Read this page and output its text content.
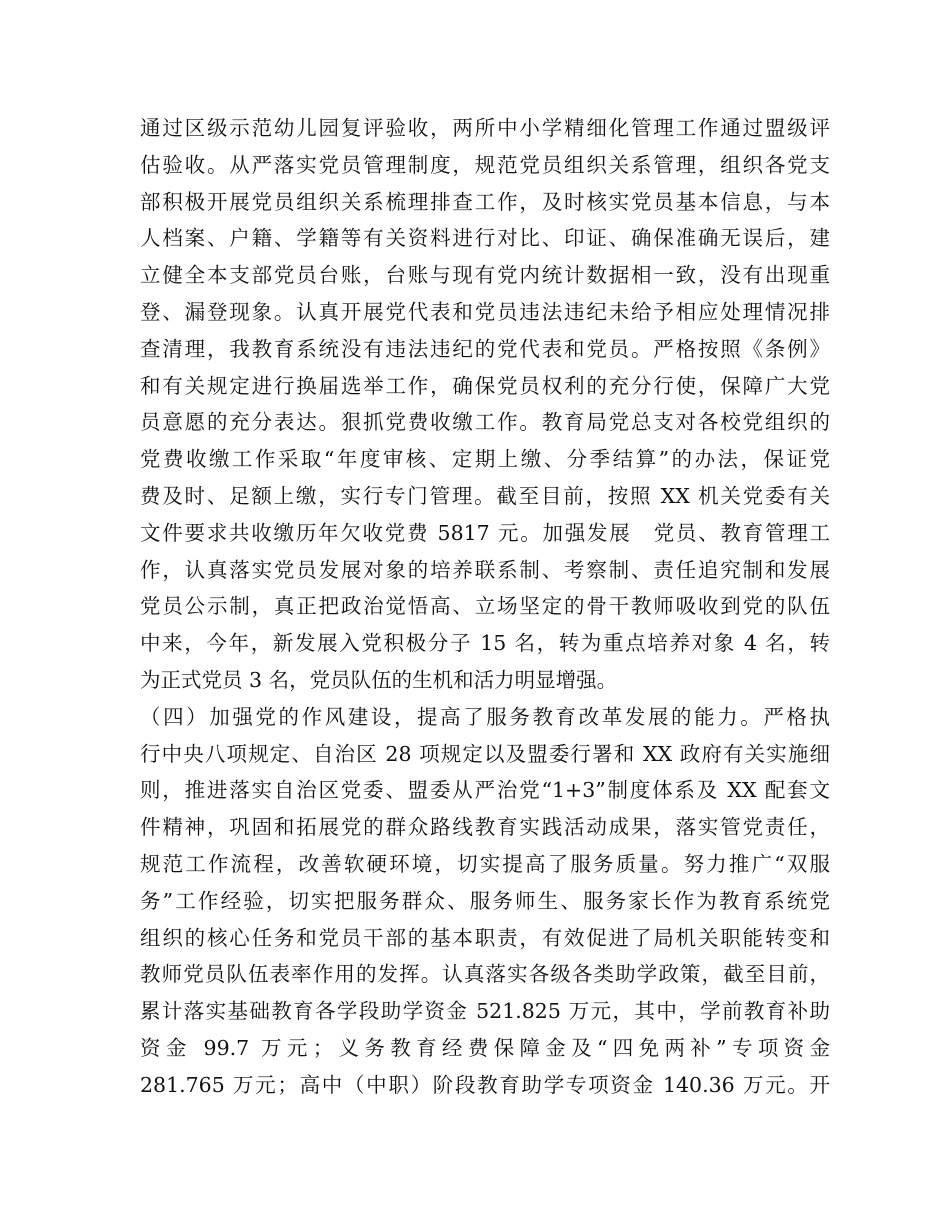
通过区级示范幼儿园复评验收，两所中小学精细化管理工作通过盟级评
估验收。从严落实党员管理制度，规范党员组织关系管理，组织各党支
部积极开展党员组织关系梳理排查工作，及时核实党员基本信息，与本
人档案、户籍、学籍等有关资料进行对比、印证、确保准确无误后，建
立健全本支部党员台账，台账与现有党内统计数据相一致，没有出现重
登、漏登现象。认真开展党代表和党员违法违纪未给予相应处理情况排
查清理，我教育系统没有违法违纪的党代表和党员。严格按照《条例》
和有关规定进行换届选举工作，确保党员权利的充分行使，保障广大党
员意愿的充分表达。狠抓党费收缴工作。教育局党总支对各校党组织的
党费收缴工作采取“年度审核、定期上缴、分季结算”的办法，保证党
费及时、足额上缴，实行专门管理。截至目前，按照 XX 机关党委有关
文件要求共收缴历年欠收党费 5817 元。加强发展　党员、教育管理工
作，认真落实党员发展对象的培养联系制、考察制、责任追究制和发展
党员公示制，真正把政治觉悟高、立场坚定的骨干教师吸收到党的队伍
中来，今年，新发展入党积极分子 15 名，转为重点培养对象 4 名，转
为正式党员 3 名，党员队伍的生机和活力明显增强。
（四）加强党的作风建设，提高了服务教育改革发展的能力。严格执
行中央八项规定、自治区 28 项规定以及盟委行署和 XX 政府有关实施细
则，推进落实自治区党委、盟委从严治党“1+3”制度体系及 XX 配套文
件精神，巩固和拓展党的群众路线教育实践活动成果，落实管党责任，
规范工作流程，改善软硬环境，切实提高了服务质量。努力推广“双服
务”工作经验，切实把服务群众、服务师生、服务家长作为教育系统党
组织的核心任务和党员干部的基本职责，有效促进了局机关职能转变和
教师党员队伍表率作用的发挥。认真落实各级各类助学政策，截至目前，
累计落实基础教育各学段助学资金 521.825 万元，其中，学前教育补助
资金 99.7 万元；义务教育经费保障金及“四免两补”专项资金
281.765 万元；高中（中职）阶段教育助学专项资金 140.36 万元。开
